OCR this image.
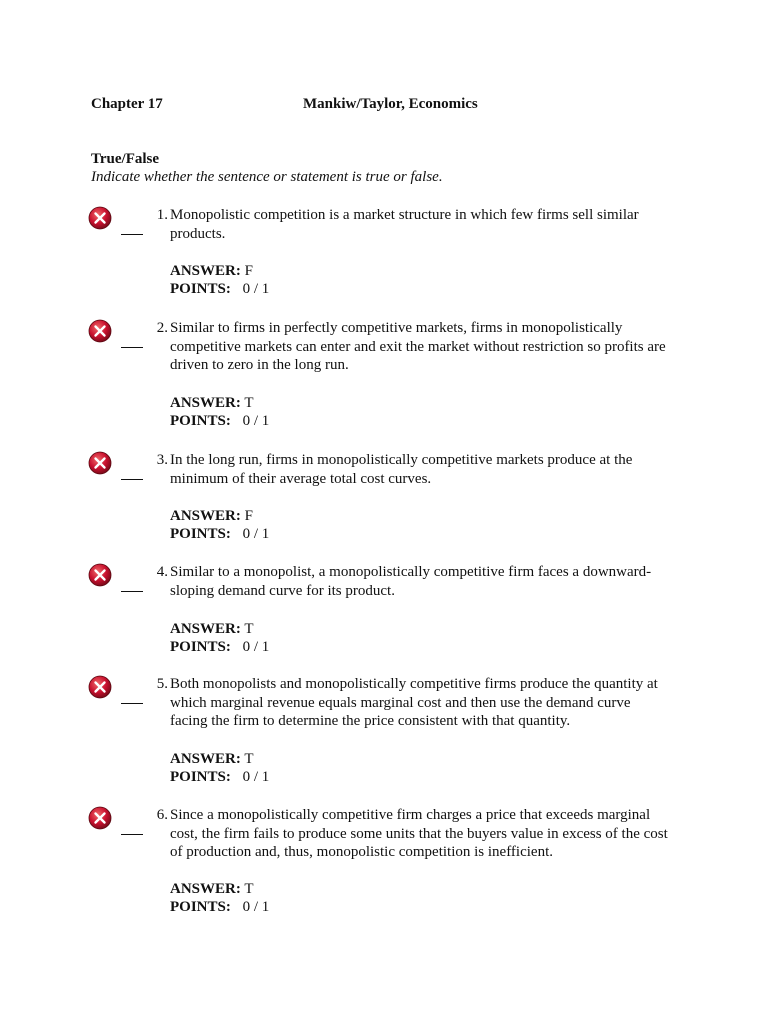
Chapter 17	Mankiw/Taylor, Economics
True/False
Indicate whether the sentence or statement is true or false.
1. Monopolistic competition is a market structure in which few firms sell similar products.
ANSWER: F
POINTS: 0 / 1
2. Similar to firms in perfectly competitive markets, firms in monopolistically competitive markets can enter and exit the market without restriction so profits are driven to zero in the long run.
ANSWER: T
POINTS: 0 / 1
3. In the long run, firms in monopolistically competitive markets produce at the minimum of their average total cost curves.
ANSWER: F
POINTS: 0 / 1
4. Similar to a monopolist, a monopolistically competitive firm faces a downward-sloping demand curve for its product.
ANSWER: T
POINTS: 0 / 1
5. Both monopolists and monopolistically competitive firms produce the quantity at which marginal revenue equals marginal cost and then use the demand curve facing the firm to determine the price consistent with that quantity.
ANSWER: T
POINTS: 0 / 1
6. Since a monopolistically competitive firm charges a price that exceeds marginal cost, the firm fails to produce some units that the buyers value in excess of the cost of production and, thus, monopolistic competition is inefficient.
ANSWER: T
POINTS: 0 / 1
